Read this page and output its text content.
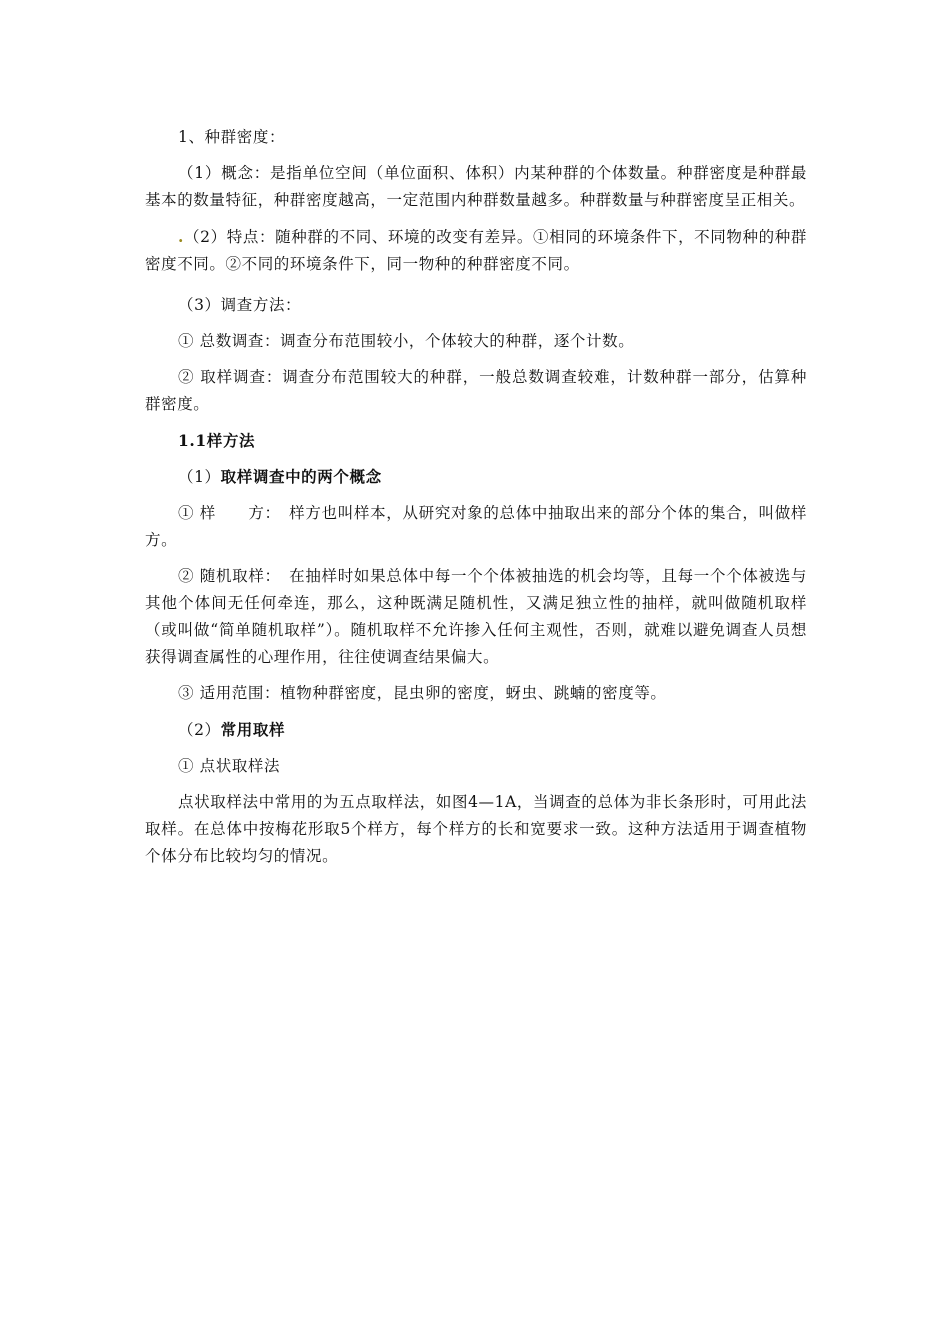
1、种群密度：

（1）概念：是指单位空间（单位面积、体积）内某种群的个体数量。种群密度是种群最基本的数量特征，种群密度越高，一定范围内种群数量越多。种群数量与种群密度呈正相关。

.（2）特点：随种群的不同、环境的改变有差异。①相同的环境条件下，不同物种的种群密度不同。②不同的环境条件下，同一物种的种群密度不同。

（3）调查方法：

① 总数调查：调查分布范围较小，个体较大的种群，逐个计数。

② 取样调查：调查分布范围较大的种群，一般总数调查较难，计数种群一部分，估算种群密度。

1.1样方法

（1）取样调查中的两个概念

① 样　　方：　样方也叫样本，从研究对象的总体中抽取出来的部分个体的集合，叫做样方。

② 随机取样：　在抽样时如果总体中每一个个体被抽选的机会均等，且每一个个体被选与其他个体间无任何牵连，那么，这种既满足随机性，又满足独立性的抽样，就叫做随机取样（或叫做“简单随机取样”）。随机取样不允许掺入任何主观性，否则，就难以避免调查人员想获得调查属性的心理作用，往往使调查结果偏大。

③ 适用范围：植物种群密度，昆虫卵的密度，蚜虫、跳蝻的密度等。

（2）常用取样

① 点状取样法

点状取样法中常用的为五点取样法，如图4—1A，当调查的总体为非长条形时，可用此法取样。在总体中按梅花形取5个样方，每个样方的长和宽要求一致。这种方法适用于调查植物个体分布比较均匀的情况。
